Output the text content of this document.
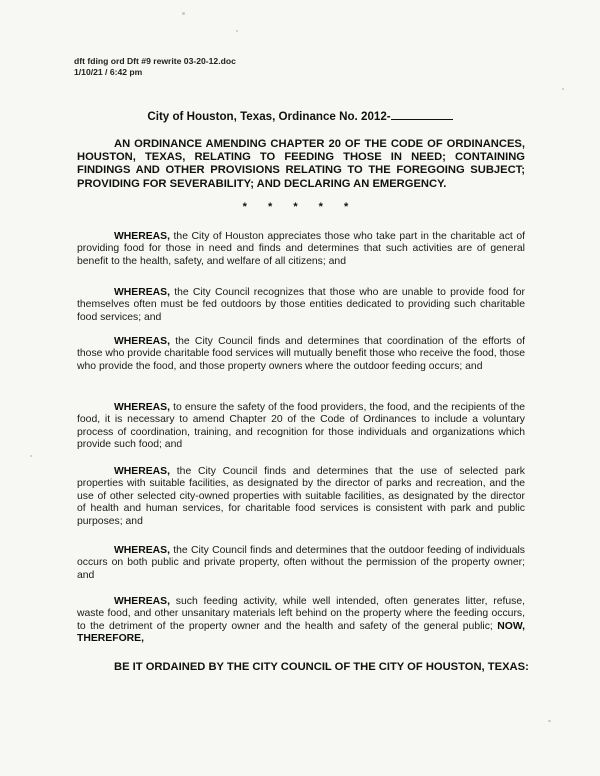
dft fding ord Dft #9 rewrite 03-20-12.doc
1/10/21 / 6:42 pm
City of Houston, Texas, Ordinance No. 2012-
AN ORDINANCE AMENDING CHAPTER 20 OF THE CODE OF ORDINANCES, HOUSTON, TEXAS, RELATING TO FEEDING THOSE IN NEED; CONTAINING FINDINGS AND OTHER PROVISIONS RELATING TO THE FOREGOING SUBJECT; PROVIDING FOR SEVERABILITY; AND DECLARING AN EMERGENCY.
* * * * *
WHEREAS, the City of Houston appreciates those who take part in the charitable act of providing food for those in need and finds and determines that such activities are of general benefit to the health, safety, and welfare of all citizens; and
WHEREAS, the City Council recognizes that those who are unable to provide food for themselves often must be fed outdoors by those entities dedicated to providing such charitable food services; and
WHEREAS, the City Council finds and determines that coordination of the efforts of those who provide charitable food services will mutually benefit those who receive the food, those who provide the food, and those property owners where the outdoor feeding occurs; and
WHEREAS, to ensure the safety of the food providers, the food, and the recipients of the food, it is necessary to amend Chapter 20 of the Code of Ordinances to include a voluntary process of coordination, training, and recognition for those individuals and organizations which provide such food; and
WHEREAS, the City Council finds and determines that the use of selected park properties with suitable facilities, as designated by the director of parks and recreation, and the use of other selected city-owned properties with suitable facilities, as designated by the director of health and human services, for charitable food services is consistent with park and public purposes; and
WHEREAS, the City Council finds and determines that the outdoor feeding of individuals occurs on both public and private property, often without the permission of the property owner; and
WHEREAS, such feeding activity, while well intended, often generates litter, refuse, waste food, and other unsanitary materials left behind on the property where the feeding occurs, to the detriment of the property owner and the health and safety of the general public; NOW, THEREFORE,
BE IT ORDAINED BY THE CITY COUNCIL OF THE CITY OF HOUSTON, TEXAS:
